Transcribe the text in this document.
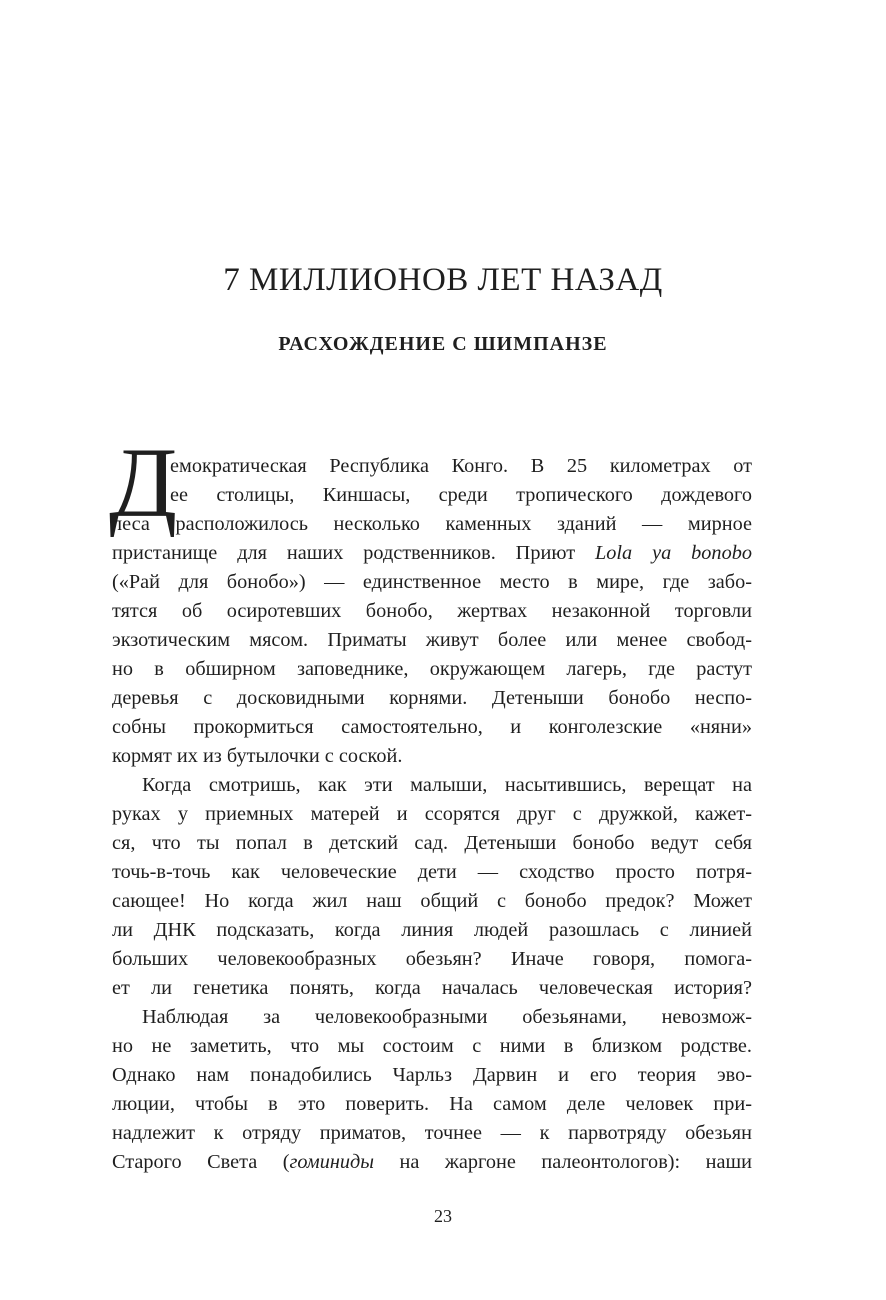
7 МИЛЛИОНОВ ЛЕТ НАЗАД
РАСХОЖДЕНИЕ С ШИМПАНЗЕ
Д
емократическая Республика Конго. В 25 километрах от
ее столицы, Киншасы, среди тропического дождевого
леса расположилось несколько каменных зданий — мирное
пристанище для наших родственников. Приют Lola ya bonobo
(«Рай для бонобо») — единственное место в мире, где забо-
тятся об осиротевших бонобо, жертвах незаконной торговли
экзотическим мясом. Приматы живут более или менее свобод-
но в обширном заповеднике, окружающем лагерь, где растут
деревья с досковидными корнями. Детеныши бонобо неспо-
собны прокормиться самостоятельно, и конголезские «няни»
кормят их из бутылочки с соской.
Когда смотришь, как эти малыши, насытившись, верещат на
руках у приемных матерей и ссорятся друг с дружкой, кажет-
ся, что ты попал в детский сад. Детеныши бонобо ведут себя
точь-в-точь как человеческие дети — сходство просто потря-
сающее! Но когда жил наш общий с бонобо предок? Может
ли ДНК подсказать, когда линия людей разошлась с линией
больших человекообразных обезьян? Иначе говоря, помога-
ет ли генетика понять, когда началась человеческая история?
Наблюдая за человекообразными обезьянами, невозмож-
но не заметить, что мы состоим с ними в близком родстве.
Однако нам понадобились Чарльз Дарвин и его теория эво-
люции, чтобы в это поверить. На самом деле человек при-
надлежит к отряду приматов, точнее — к парвотряду обезьян
Старого Света (гоминиды на жаргоне палеонтологов): наши
23
